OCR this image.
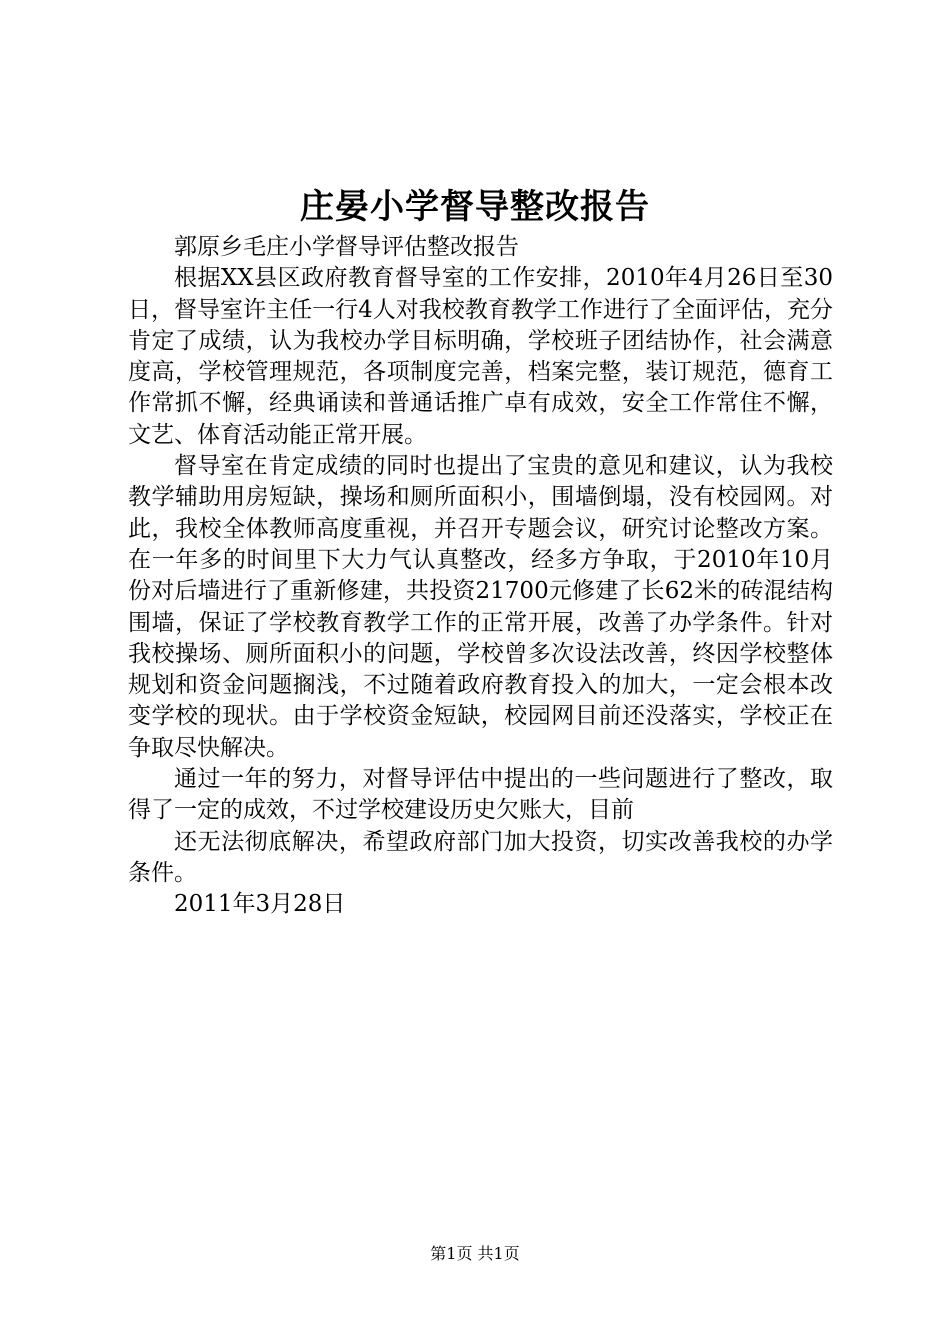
庄晏小学督导整改报告

郭原乡毛庄小学督导评估整改报告

根据XX县区政府教育督导室的工作安排，2010年4月26日至30日，督导室许主任一行4人对我校教育教学工作进行了全面评估，充分肯定了成绩，认为我校办学目标明确，学校班子团结协作，社会满意度高，学校管理规范，各项制度完善，档案完整，装订规范，德育工作常抓不懈，经典诵读和普通话推广卓有成效，安全工作常住不懈，文艺、体育活动能正常开展。

督导室在肯定成绩的同时也提出了宝贵的意见和建议，认为我校教学辅助用房短缺，操场和厕所面积小，围墙倒塌，没有校园网。对此，我校全体教师高度重视，并召开专题会议，研究讨论整改方案。在一年多的时间里下大力气认真整改，经多方争取，于2010年10月份对后墙进行了重新修建，共投资21700元修建了长62米的砖混结构围墙，保证了学校教育教学工作的正常开展，改善了办学条件。针对我校操场、厕所面积小的问题，学校曾多次设法改善，终因学校整体规划和资金问题搁浅，不过随着政府教育投入的加大，一定会根本改变学校的现状。由于学校资金短缺，校园网目前还没落实，学校正在争取尽快解决。

通过一年的努力，对督导评估中提出的一些问题进行了整改，取得了一定的成效，不过学校建设历史欠账大，目前

还无法彻底解决，希望政府部门加大投资，切实改善我校的办学条件。

2011年3月28日

第1页 共1页
